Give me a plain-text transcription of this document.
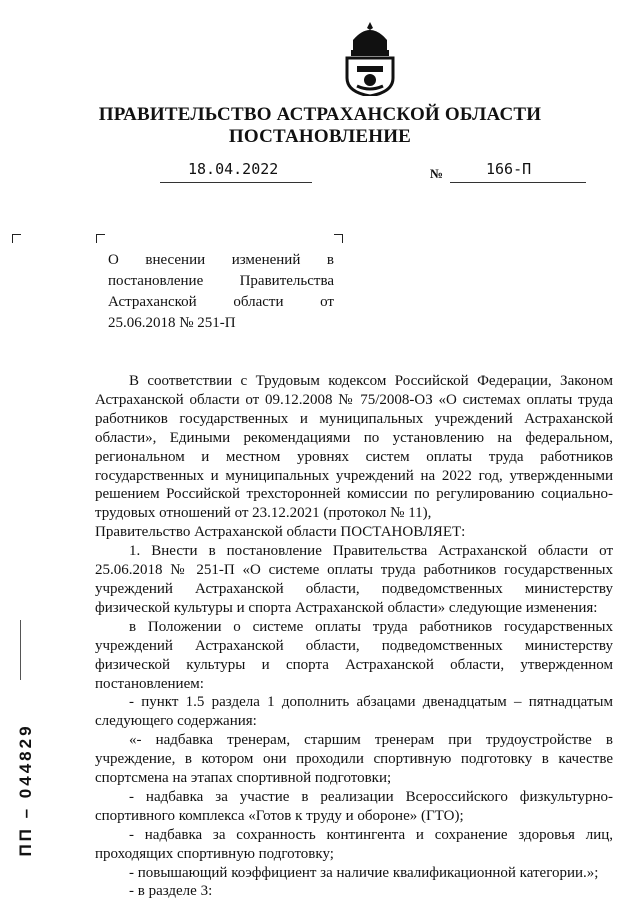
ПРАВИТЕЛЬСТВО АСТРАХАНСКОЙ ОБЛАСТИ
ПОСТАНОВЛЕНИЕ
18.04.2022	№	166-П
О внесении изменений в постановление Правительства Астраханской области от 25.06.2018 № 251-П

В соответствии с Трудовым кодексом Российской Федерации, Законом Астраханской области от 09.12.2008 № 75/2008-ОЗ «О системах оплаты труда работников государственных и муниципальных учреждений Астраханской области», Едиными рекомендациями по установлению на федеральном, региональном и местном уровнях систем оплаты труда работников государственных и муниципальных учреждений на 2022 год, утвержденными решением Российской трехсторонней комиссии по регулированию социально-трудовых отношений от 23.12.2021 (протокол № 11),

Правительство Астраханской области ПОСТАНОВЛЯЕТ:

1. Внести в постановление Правительства Астраханской области от 25.06.2018 № 251-П «О системе оплаты труда работников государственных учреждений Астраханской области, подведомственных министерству физической культуры и спорта Астраханской области» следующие изменения:

в Положении о системе оплаты труда работников государственных учреждений Астраханской области, подведомственных министерству физической культуры и спорта Астраханской области, утвержденном постановлением:

- пункт 1.5 раздела 1 дополнить абзацами двенадцатым – пятнадцатым следующего содержания:

«- надбавка тренерам, старшим тренерам при трудоустройстве в учреждение, в котором они проходили спортивную подготовку в качестве спортсмена на этапах спортивной подготовки;

- надбавка за участие в реализации Всероссийского физкультурно-спортивного комплекса «Готов к труду и обороне» (ГТО);

- надбавка за сохранность контингента и сохранение здоровья лиц, проходящих спортивную подготовку;

- повышающий коэффициент за наличие квалификационной категории.»;

- в разделе 3:

ПП – 044829
